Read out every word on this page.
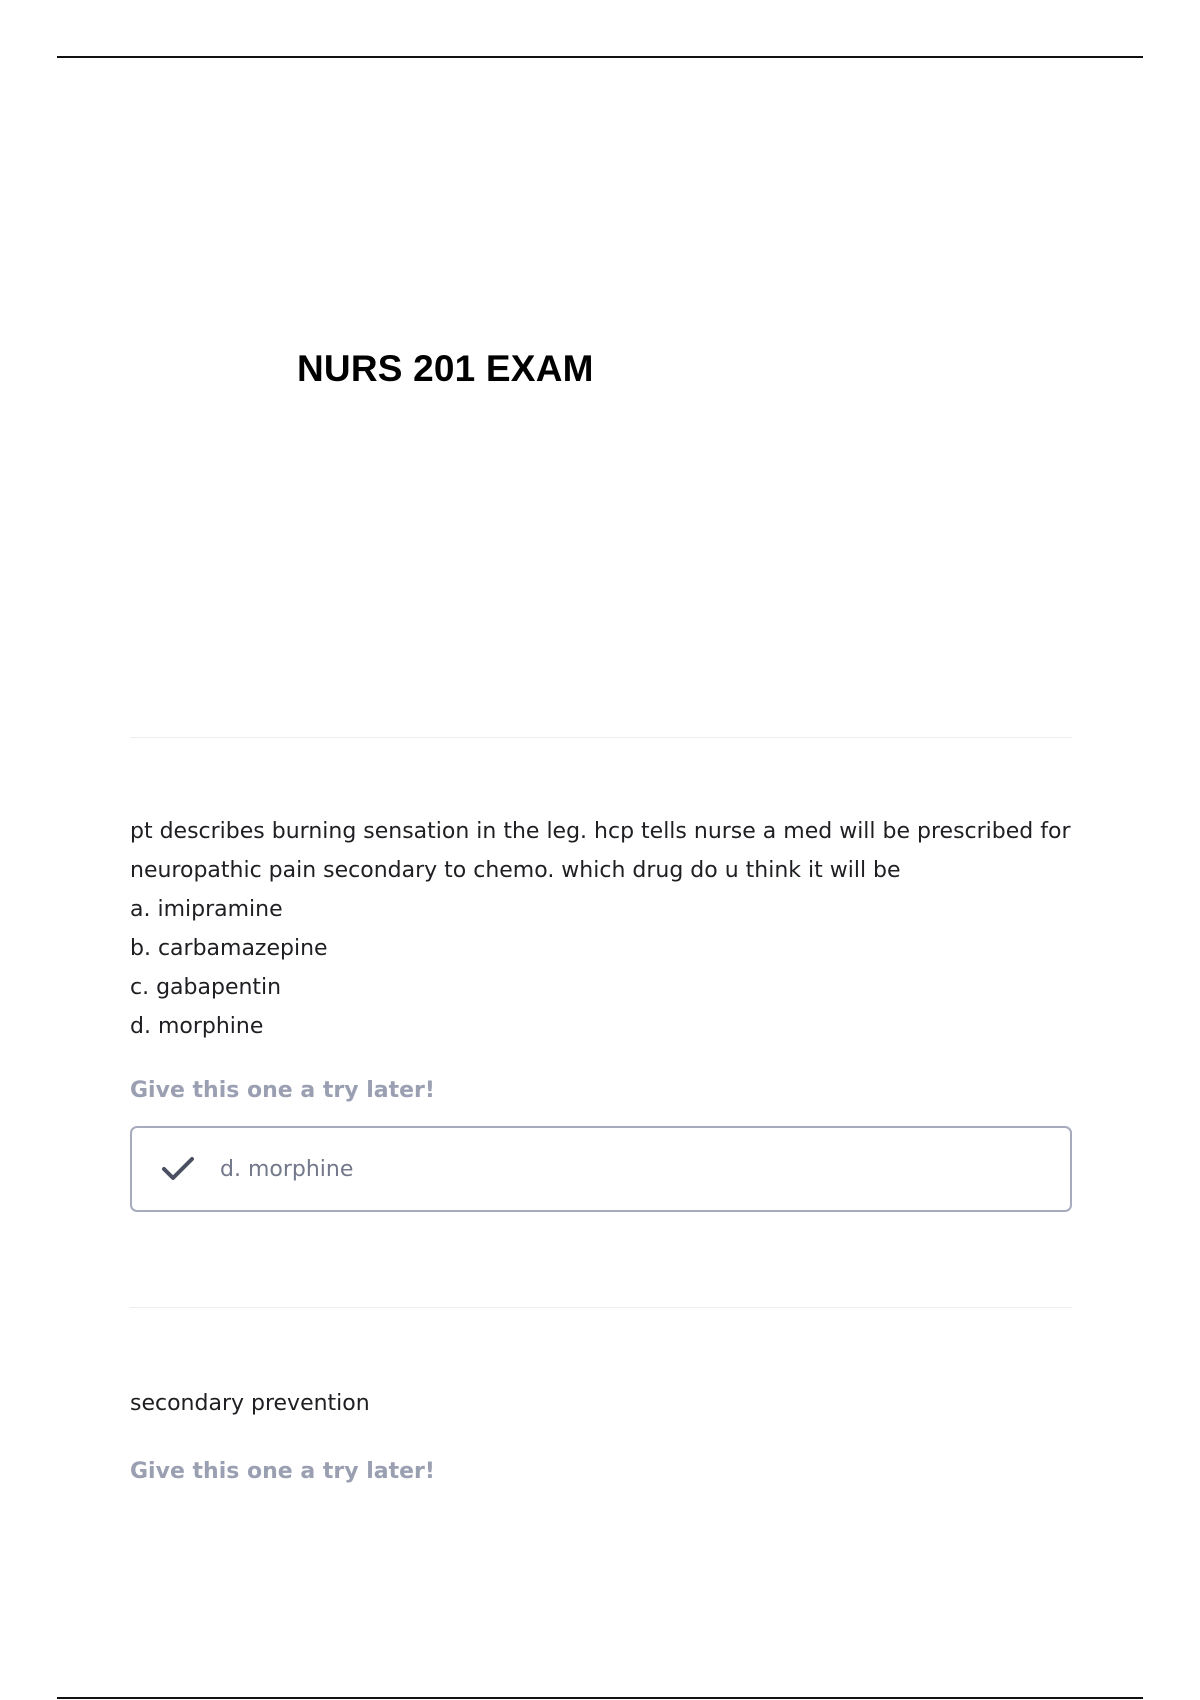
NURS 201 EXAM

pt describes burning sensation in the leg. hcp tells nurse a med will be prescribed for
neuropathic pain secondary to chemo. which drug do u think it will be
a. imipramine
b. carbamazepine
c. gabapentin
d. morphine

Give this one a try later!

d. morphine

secondary prevention

Give this one a try later!
